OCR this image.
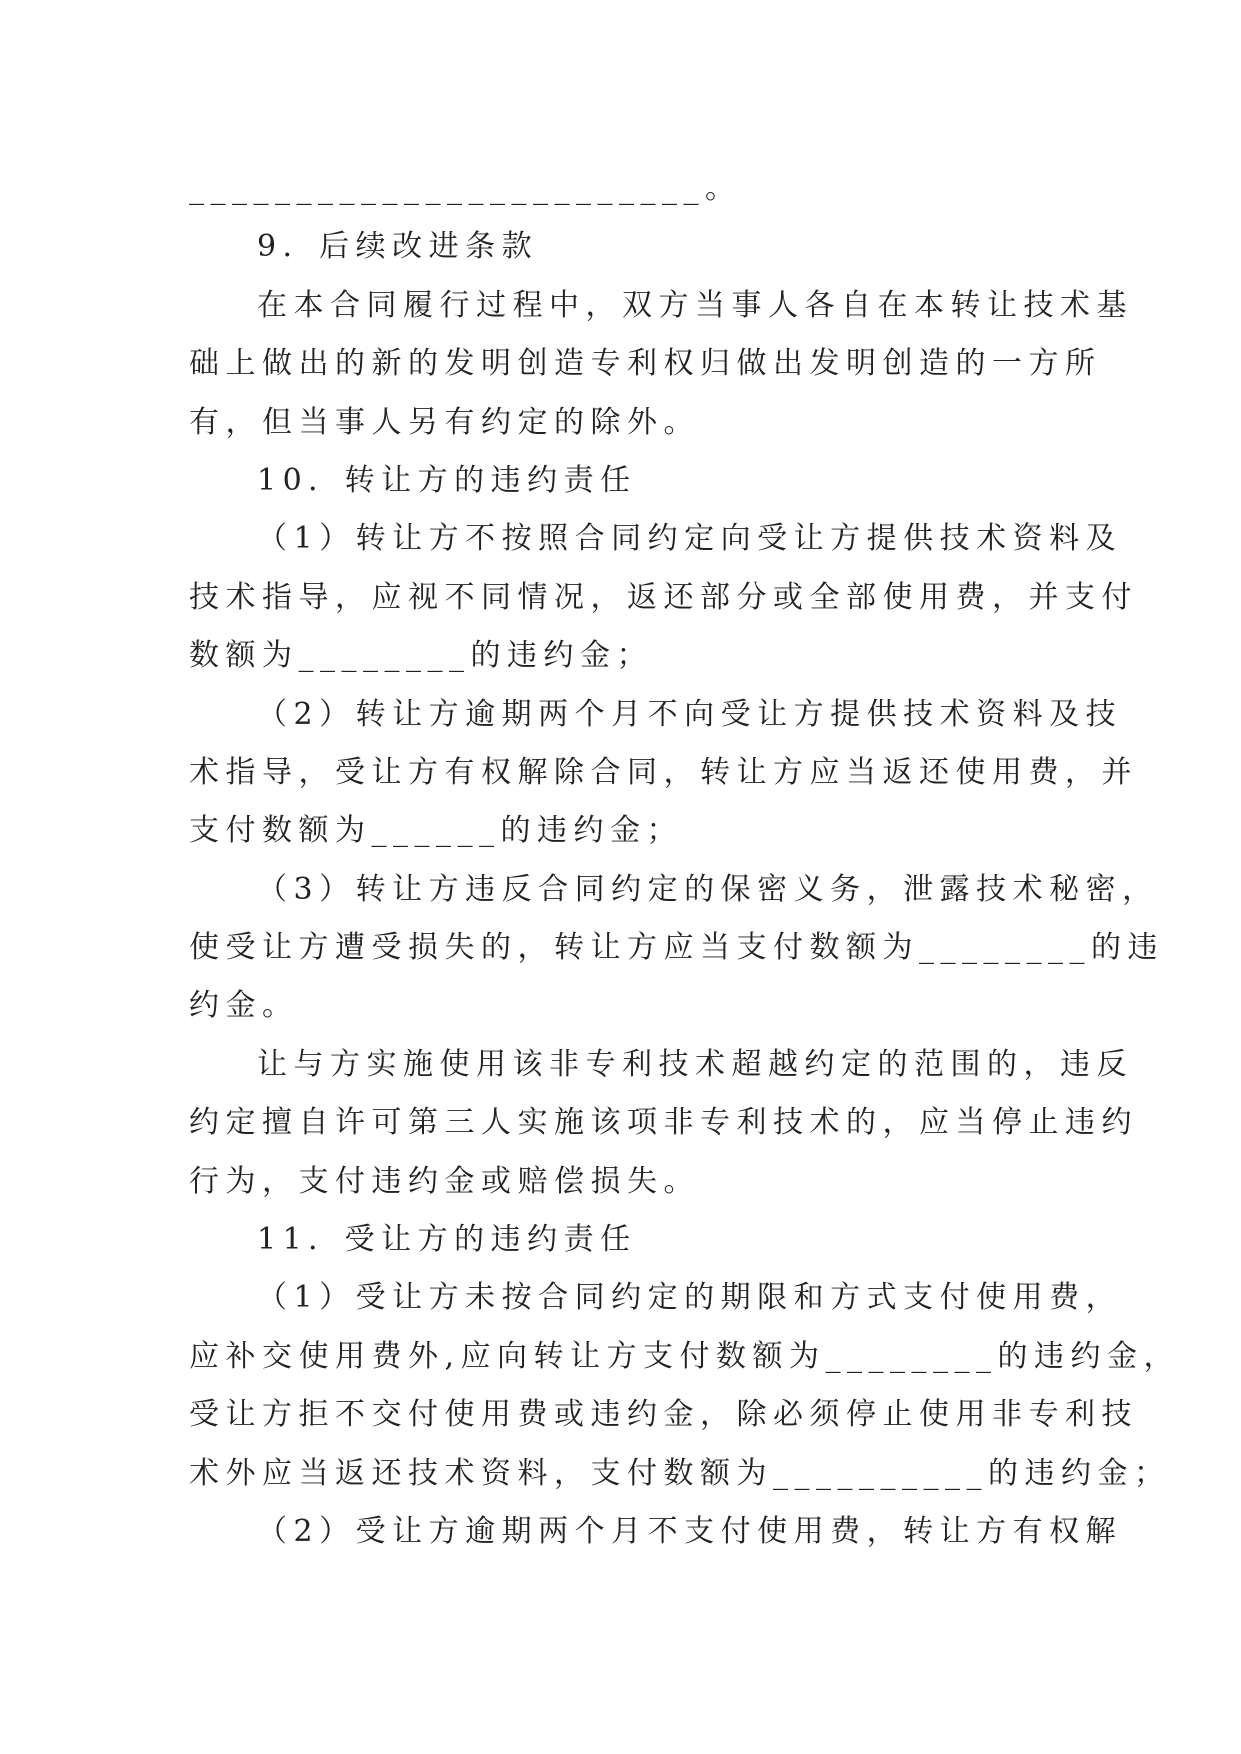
________________________。
9．后续改进条款
在本合同履行过程中，双方当事人各自在本转让技术基
础上做出的新的发明创造专利权归做出发明创造的一方所
有，但当事人另有约定的除外。
10．转让方的违约责任
（1）转让方不按照合同约定向受让方提供技术资料及
技术指导，应视不同情况，返还部分或全部使用费，并支付
数额为________的违约金；
（2）转让方逾期两个月不向受让方提供技术资料及技
术指导，受让方有权解除合同，转让方应当返还使用费，并
支付数额为______的违约金；
（3）转让方违反合同约定的保密义务，泄露技术秘密，
使受让方遭受损失的，转让方应当支付数额为________的违
约金。
让与方实施使用该非专利技术超越约定的范围的，违反
约定擅自许可第三人实施该项非专利技术的，应当停止违约
行为，支付违约金或赔偿损失。
11．受让方的违约责任
（1）受让方未按合同约定的期限和方式支付使用费，
应补交使用费外,应向转让方支付数额为________的违约金，
受让方拒不交付使用费或违约金，除必须停止使用非专利技
术外应当返还技术资料，支付数额为__________的违约金；
（2）受让方逾期两个月不支付使用费，转让方有权解
